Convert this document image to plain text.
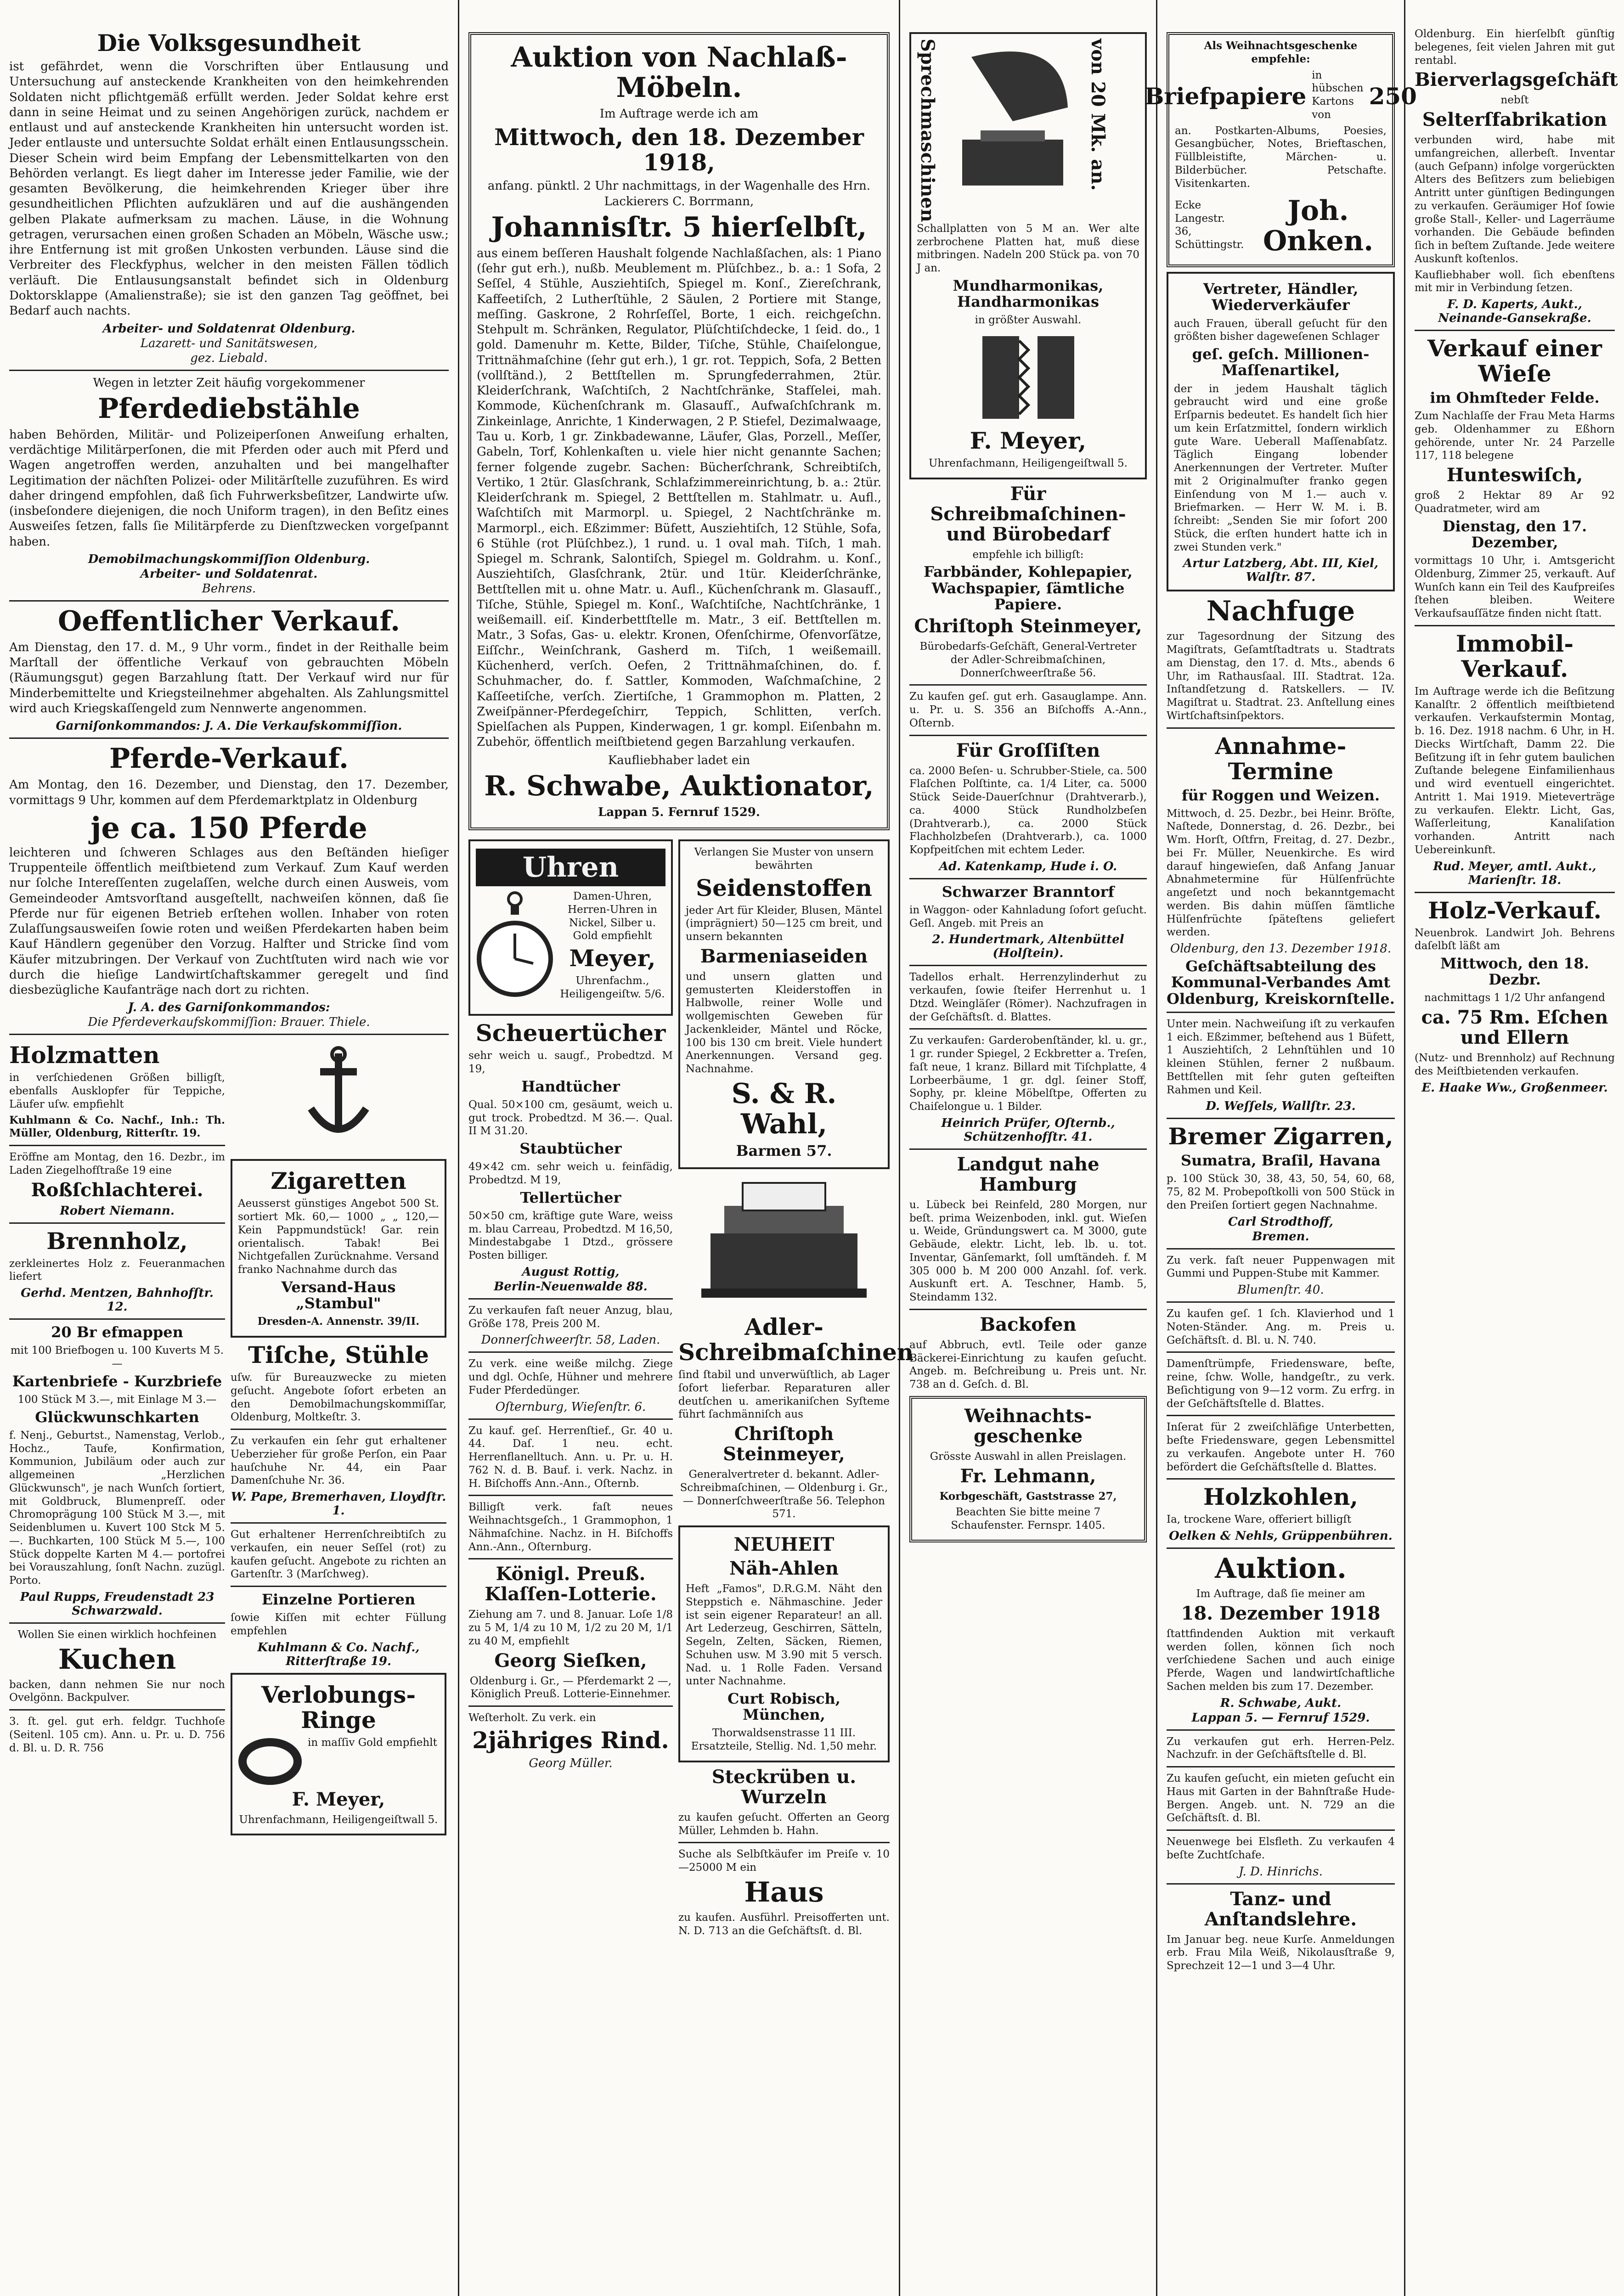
Die Volksgesundheit

ist gefährdet, wenn die Vorschriften über Entlausung und Untersuchung auf ansteckende Krankheiten von den heimkehrenden Soldaten nicht pflichtgemäß erfüllt werden. Jeder Soldat kehre erst dann in seine Heimat und zu seinen Angehörigen zurück, nachdem er entlaust und auf ansteckende Krankheiten hin untersucht worden ist. Jeder entlauste und untersuchte Soldat erhält einen Entlausungsschein. Dieser Schein wird beim Empfang der Lebensmittelkarten von den Behörden verlangt. Es liegt daher im Interesse jeder Familie, wie der gesamten Bevölkerung, die heimkehrenden Krieger über ihre gesundheitlichen Pflichten aufzuklären und auf die aushängenden gelben Plakate aufmerksam zu machen. Läuse, in die Wohnung getragen, verursachen einen großen Schaden an Möbeln, Wäsche usw.; ihre Entfernung ist mit großen Unkosten verbunden. Läuse sind die Verbreiter des Fleckfyphus, welcher in den meisten Fällen tödlich verläuft. Die Entlausungsanstalt befindet sich in Oldenburg Doktorsklappe (Amalienstraße); sie ist den ganzen Tag geöffnet, bei Bedarf auch nachts.

Arbeiter- und Soldatenrat Oldenburg.
Lazarett- und Sanitätswesen,
gez. Liebald.
Wegen in letzter Zeit häufig vorgekommener
Pferdediebstähle

haben Behörden, Militär- und Polizeiperſonen Anweiſung erhalten, verdächtige Militärperſonen, die mit Pferden oder auch mit Pferd und Wagen angetroffen werden, anzuhalten und bei mangelhafter Legitimation der nächſten Polizei- oder Militärſtelle zuzuführen. Es wird daher dringend empfohlen, daß ſich Fuhrwerksbeſitzer, Landwirte uſw. (insbeſondere diejenigen, die noch Uniform tragen), in den Beſitz eines Ausweiſes ſetzen, falls ſie Militärpferde zu Dienſtzwecken vorgeſpannt haben.

Demobilmachungskommiſſion Oldenburg.
Arbeiter- und Soldatenrat.
Behrens.
Oeffentlicher Verkauf.

Am Dienstag, den 17. d. M., 9 Uhr vorm., findet in der Reithalle beim Marſtall der öffentliche Verkauf von gebrauchten Möbeln (Räumungsgut) gegen Barzahlung ſtatt. Der Verkauf wird nur für Minderbemittelte und Kriegsteilnehmer abgehalten. Als Zahlungsmittel wird auch Kriegskaſſengeld zum Nennwerte angenommen.

Garniſonkommandos: J. A. Die Verkaufskommiſſion.
Pferde-Verkauf.

Am Montag, den 16. Dezember, und Dienstag, den 17. Dezember, vormittags 9 Uhr, kommen auf dem Pferdemarktplatz in Oldenburg

je ca. 150 Pferde

leichteren und ſchweren Schlages aus den Beſtänden hieſiger Truppenteile öffentlich meiſtbietend zum Verkauf. Zum Kauf werden nur ſolche Intereſſenten zugelaſſen, welche durch einen Ausweis, vom Gemeindeoder Amtsvorſtand ausgeſtellt, nachweiſen können, daß ſie Pferde nur für eigenen Betrieb erſtehen wollen. Inhaber von roten Zulaſſungsausweiſen ſowie roten und weißen Pferdekarten haben beim Kauf Händlern gegenüber den Vorzug. Halfter und Stricke ſind vom Käufer mitzubringen. Der Verkauf von Zuchtſtuten wird nach wie vor durch die hieſige Landwirtſchaftskammer geregelt und ſind diesbezügliche Kaufanträge nach dort zu richten.

J. A. des Garniſonkommandos:
Die Pferdeverkaufskommiſſion: Brauer. Thiele.
Holzmatten

in verſchiedenen Größen billigſt, ebenfalls Ausklopfer für Teppiche, Läufer uſw. empfiehlt

Kuhlmann & Co. Nachf., Inh.: Th. Müller, Oldenburg, Ritterſtr. 19.

Eröffne am Montag, den 16. Dezbr., im Laden Ziegelhofſtraße 19 eine

Roßſchlachterei.
Robert Niemann.
Brennholz,

zerkleinertes Holz z. Feueranmachen liefert

Gerhd. Mentzen, Bahnhofſtr. 12.
20 Br efmappen

mit 100 Briefbogen u. 100 Kuverts M 5.—

Kartenbriefe - Kurzbriefe

100 Stück M 3.—, mit Einlage M 3.—

Glückwunschkarten

f. Nenj., Geburtst., Namenstag, Verlob., Hochz., Taufe, Konfirmation, Kommunion, Jubiläum oder auch zur allgemeinen „Herzlichen Glückwunsch", je nach Wunſch ſortiert, mit Goldbruck, Blumenpreſſ. oder Chromoprägung 100 Stück M 3.—, mit Seidenblumen u. Kuvert 100 Stck M 5.—. Buchkarten, 100 Stück M 5.—, 100 Stück doppelte Karten M 4.— portofrei bei Vorauszahlung, ſonſt Nachn. zuzügl. Porto.

Paul Rupps, Freudenstadt 23 Schwarzwald.

Wollen Sie einen wirklich hochfeinen

Kuchen

backen, dann nehmen Sie nur noch Ovelgönn. Backpulver.

3. ſt. gel. gut erh. feldgr. Tuchhoſe (Seitenl. 105 cm). Ann. u. Pr. u. D. 756 d. Bl. u. D. R. 756

Zigaretten

Aeusserst günstiges Angebot 500 St. sortiert Mk. 60,— 1000 „ „ 120,— Kein Pappmundstück! Gar. rein orientalisch. Tabak! Bei Nichtgefallen Zurücknahme. Versand franko Nachnahme durch das

Versand-Haus „Stambul"
Dresden-A. Annenstr. 39/II.
Tiſche, Stühle

uſw. für Bureauzwecke zu mieten geſucht. Angebote ſofort erbeten an den Demobilmachungskommiſſar, Oldenburg, Moltkeſtr. 3.

Zu verkaufen ein ſehr gut erhaltener Ueberzieher für große Perſon, ein Paar hauſchuhe Nr. 44, ein Paar Damenſchuhe Nr. 36.

W. Pape, Bremerhaven, Lloydſtr. 1.

Gut erhaltener Herrenſchreibtiſch zu verkaufen, ein neuer Seſſel (rot) zu kaufen geſucht. Angebote zu richten an Gartenſtr. 3 (Marſchweg).

Einzelne Portieren

ſowie Kiſſen mit echter Füllung empfehlen

Kuhlmann & Co. Nachf., Ritterſtraße 19.
Verlobungs-Ringe

in maſſiv Gold empfiehlt

F. Meyer,
Uhrenfachmann, Heiligengeiſtwall 5.
Auktion von Nachlaß-Möbeln.
Im Auftrage werde ich am
Mittwoch, den 18. Dezember 1918,
anfang. pünktl. 2 Uhr nachmittags, in der Wagenhalle des Hrn. Lackierers C. Borrmann,
Johannisſtr. 5 hierſelbſt,

aus einem beſſeren Haushalt folgende Nachlaßſachen, als: 1 Piano (ſehr gut erh.), nußb. Meublement m. Plüſchbez., b. a.: 1 Sofa, 2 Seſſel, 4 Stühle, Ausziehtiſch, Spiegel m. Konſ., Ziereſchrank, Kaffeetiſch, 2 Lutherſtühle, 2 Säulen, 2 Portiere mit Stange, meſſing. Gaskrone, 2 Rohrſeſſel, Borte, 1 eich. reichgeſchn. Stehpult m. Schränken, Regulator, Plüſchtiſchdecke, 1 ſeid. do., 1 gold. Damenuhr m. Kette, Bilder, Tiſche, Stühle, Chaiſelongue, Trittnähmaſchine (ſehr gut erh.), 1 gr. rot. Teppich, Sofa, 2 Betten (vollſtänd.), 2 Bettſtellen m. Sprungfederrahmen, 2tür. Kleiderſchrank, Waſchtiſch, 2 Nachtſchränke, Stafſelei, mah. Kommode, Küchenſchrank m. Glasaufſ., Aufwaſchſchrank m. Zinkeinlage, Anrichte, 1 Kinderwagen, 2 P. Stiefel, Dezimalwaage, Tau u. Korb, 1 gr. Zinkbadewanne, Läufer, Glas, Porzell., Meſſer, Gabeln, Torf, Kohlenkaſten u. viele hier nicht genannte Sachen; ferner folgende zugebr. Sachen: Bücherſchrank, Schreibtiſch, Vertiko, 1 2tür. Glasſchrank, Schlafzimmereinrichtung, b. a.: 2tür. Kleiderſchrank m. Spiegel, 2 Bettſtellen m. Stahlmatr. u. Aufl., Waſchtiſch mit Marmorpl. u. Spiegel, 2 Nachtſchränke m. Marmorpl., eich. Eßzimmer: Büfett, Ausziehtiſch, 12 Stühle, Sofa, 6 Stühle (rot Plüſchbez.), 1 rund. u. 1 oval mah. Tiſch, 1 mah. Spiegel m. Schrank, Salontiſch, Spiegel m. Goldrahm. u. Konſ., Ausziehtiſch, Glasſchrank, 2tür. und 1tür. Kleiderſchränke, Bettſtellen mit u. ohne Matr. u. Aufl., Küchenſchrank m. Glasaufſ., Tiſche, Stühle, Spiegel m. Konſ., Waſchtiſche, Nachtſchränke, 1 weißemaill. eiſ. Kinderbettſtelle m. Matr., 3 eiſ. Bettſtellen m. Matr., 3 Sofas, Gas- u. elektr. Kronen, Ofenſchirme, Ofenvorſätze, Eiſſchr., Weinſchrank, Gasherd m. Tiſch, 1 weißemaill. Küchenherd, verſch. Oefen, 2 Trittnähmaſchinen, do. f. Schuhmacher, do. f. Sattler, Kommoden, Waſchmaſchine, 2 Kaſſeetiſche, verſch. Ziertiſche, 1 Grammophon m. Platten, 2 Zweiſpänner-Pferdegeſchirr, Teppich, Schlitten, verſch. Spielſachen als Puppen, Kinderwagen, 1 gr. kompl. Eiſenbahn m. Zubehör, öffentlich meiſtbietend gegen Barzahlung verkaufen.

Kaufliebhaber ladet ein
R. Schwabe, Auktionator,
Lappan 5. Fernruf 1529.
Uhren

Damen-Uhren, Herren-Uhren in Nickel, Silber u. Gold empfiehlt

Meyer,
Uhrenfachm., Heiligengeiſtw. 5/6.
Scheuertücher

sehr weich u. saugf., Probedtzd. M 19,

Handtücher

Qual. 50×100 cm, gesäumt, weich u. gut trock. Probedtzd. M 36.—. Qual. II M 31.20.

Staubtücher

49×42 cm. sehr weich u. feinfädig, Probedtzd. M 19,

Tellertücher

50×50 cm, kräftige gute Ware, weiss m. blau Carreau, Probedtzd. M 16,50, Mindestabgabe 1 Dtzd., grössere Posten billiger.

August Rottig,
Berlin-Neuenwalde 88.

Zu verkaufen faſt neuer Anzug, blau, Größe 178, Preis 200 M.

Donnerſchweerſtr. 58, Laden.

Zu verk. eine weiße milchg. Ziege und dgl. Ochſe, Hühner und mehrere Fuder Pferdedünger.

Oſternburg, Wieſenſtr. 6.

Zu kauf. geſ. Herrenſtief., Gr. 40 u. 44. Daſ. 1 neu. echt. Herrenflanelltuch. Ann. u. Pr. u. H. 762 N. d. B. Bauf. i. verk. Nachz. in H. Biſchoffs Ann.-Ann., Oſternb.

Billigſt verk. faſt neues Weihnachtsgeſch., 1 Grammophon, 1 Nähmaſchine. Nachz. in H. Biſchoffs Ann.-Ann., Oſternburg.

Königl. Preuß. Klaſſen-Lotterie.

Ziehung am 7. und 8. Januar. Loſe 1/8 zu 5 M, 1/4 zu 10 M, 1/2 zu 20 M, 1/1 zu 40 M, empfiehlt

Georg Sieſken,

Oldenburg i. Gr., — Pferdemarkt 2 —, Königlich Preuß. Lotterie-Einnehmer.

Weſterholt. Zu verk. ein
2jähriges Rind.
Georg Müller.

Verlangen Sie Muster von unsern bewährten

Seidenstoffen

jeder Art für Kleider, Blusen, Mäntel (imprägniert) 50—125 cm breit, und unsern bekannten

Barmeniaseiden

und unsern glatten und gemusterten Kleiderstoffen in Halbwolle, reiner Wolle und wollgemischten Geweben für Jackenkleider, Mäntel und Röcke, 100 bis 130 cm breit. Viele hundert Anerkennungen. Versand geg. Nachnahme.

S. & R. Wahl,
Barmen 57.
Adler-Schreibmaſchinen

ſind ſtabil und unverwüſtlich, ab Lager ſofort lieferbar. Reparaturen aller deutſchen u. amerikaniſchen Syſteme führt ſachmänniſch aus

Chriſtoph Steinmeyer,

Generalvertreter d. bekannt. Adler-Schreibmaſchinen, — Oldenburg i. Gr., — Donnerſchweerſtraße 56. Telephon 571.

NEUHEIT
Näh-Ahlen

Heft „Famos", D.R.G.M. Näht den Steppstich e. Nähmaschine. Jeder ist sein eigener Reparateur! an all. Art Lederzeug, Geschirren, Sätteln, Segeln, Zelten, Säcken, Riemen, Schuhen usw. M 3.90 mit 5 versch. Nad. u. 1 Rolle Faden. Versand unter Nachnahme.

Curt Robisch, München,
Thorwaldsenstrasse 11 III. Ersatzteile, Stellig. Nd. 1,50 mehr.
Steckrüben u. Wurzeln

zu kaufen geſucht. Offerten an Georg Müller, Lehmden b. Hahn.

Suche als Selbſtkäufer im Preiſe v. 10—25000 M ein

Haus

zu kaufen. Ausführl. Preisofferten unt. N. D. 713 an die Geſchäftsſt. d. Bl.

Sprechmaschinen	von 20 Mk. an.

Schallplatten von 5 M an. Wer alte zerbrochene Platten hat, muß diese mitbringen. Nadeln 200 Stück pa. von 70 J an.

Mundharmonikas, Handharmonikas
in größter Auswahl.
F. Meyer,
Uhrenfachmann, Heiligengeiſtwall 5.
Für Schreibmaſchinen- und Bürobedarf
empfehle ich billigſt:
Farbbänder, Kohlepapier, Wachspapier, ſämtliche Papiere.
Chriſtoph Steinmeyer,

Bürobedarfs-Geſchäft, General-Vertreter der Adler-Schreibmaſchinen, Donnerſchweerſtraße 56.

Zu kaufen geſ. gut erh. Gasauglampe. Ann. u. Pr. u. S. 356 an Biſchoffs A.-Ann., Oſternb.

Für Groſſiſten

ca. 2000 Beſen- u. Schrubber-Stiele, ca. 500 Flaſchen Polſtinte, ca. 1/4 Liter, ca. 5000 Stück Seide-Dauerſchnur (Drahtverarb.), ca. 4000 Stück Rundholzbeſen (Drahtverarb.), ca. 2000 Stück Flachholzbeſen (Drahtverarb.), ca. 1000 Kopfpeitſchen mit echtem Leder.

Ad. Katenkamp, Hude i. O.
Schwarzer Branntorf

in Waggon- oder Kahnladung ſofort geſucht. Geſl. Angeb. mit Preis an

2. Hundertmark, Altenbüttel (Holſtein).

Tadellos erhalt. Herrenzylinderhut zu verkaufen, ſowie ſteifer Herrenhut u. 1 Dtzd. Weingläſer (Römer). Nachzufragen in der Geſchäftsſt. d. Blattes.

Zu verkaufen: Garderobenſtänder, kl. u. gr., 1 gr. runder Spiegel, 2 Eckbretter a. Treſen, faſt neue, 1 kranz. Billard mit Tiſchplatte, 4 Lorbeerbäume, 1 gr. dgl. ſeiner Stoff, Sophy, pr. kleine Möbelſtpe, Offerten zu Chaiſelongue u. 1 Bilder.

Heinrich Prüfer, Oſternb., Schützenhofſtr. 41.
Landgut nahe Hamburg

u. Lübeck bei Reinfeld, 280 Morgen, nur beſt. prima Weizenboden, inkl. gut. Wieſen u. Weide, Gründungswert ca. M 3000, gute Gebäude, elektr. Licht, leb. lb. u. tot. Inventar, Gänſemarkt, ſoll umſtändeh. f. M 305 000 b. M 200 000 Anzahl. ſof. verk. Auskunft ert. A. Teschner, Hamb. 5, Steindamm 132.

Backofen

auf Abbruch, evtl. Teile oder ganze Bäckerei-Einrichtung zu kaufen geſucht. Angeb. m. Beſchreibung u. Preis unt. Nr. 738 an d. Geſch. d. Bl.

Weihnachts-geschenke
Grösste Auswahl in allen Preislagen.
Fr. Lehmann,
Korbgeschäft, Gaststrasse 27,
Beachten Sie bitte meine 7 Schaufenster. Fernspr. 1405.
Als Weihnachtsgeschenke empfehle:
Briefpapiere
in hübschen Kartons von
250

an. Postkarten-Albums, Poesies, Gesangbücher, Notes, Brieftaschen, Füllbleistifte, Märchen- u. Bilderbücher. Petschafte. Visitenkarten.

Ecke Langestr. 36, Schüttingstr.
Joh. Onken.
Vertreter, Händler, Wiederverkäufer

auch Frauen, überall geſucht für den größten bisher dageweſenen Schlager

geſ. geſch. Millionen-Maſſenartikel,

der in jedem Haushalt täglich gebraucht wird und eine große Erſparnis bedeutet. Es handelt ſich hier um kein Erſatzmittel, ſondern wirklich gute Ware. Ueberall Maſſenabſatz. Täglich Eingang lobender Anerkennungen der Vertreter. Muſter mit 2 Originalmuſter franko gegen Einſendung von M 1.— auch v. Briefmarken. — Herr W. M. i. B. ſchreibt: „Senden Sie mir ſofort 200 Stück, die erſten hundert hatte ich in zwei Stunden verk."

Artur Latzberg, Abt. III, Kiel, Walſtr. 87.
Nachfuge

zur Tagesordnung der Sitzung des Magiſtrats, Geſamtſtadtrats u. Stadtrats am Dienstag, den 17. d. Mts., abends 6 Uhr, im Rathausſaal. III. Stadtrat. 12a. Inſtandſetzung d. Ratskellers. — IV. Magiſtrat u. Stadtrat. 23. Anſtellung eines Wirtſchaftsinſpektors.

Annahme-Termine
für Roggen und Weizen.

Mittwoch, d. 25. Dezbr., bei Heinr. Bröſte, Naſtede, Donnerstag, d. 26. Dezbr., bei Wm. Horſt, Oſtfrn, Freitag, d. 27. Dezbr., bei Fr. Müller, Neuenkirche. Es wird darauf hingewieſen, daß Anfang Januar Abnahmetermine für Hülſenfrüchte angeſetzt und noch bekanntgemacht werden. Bis dahin müſſen ſämtliche Hülſenfrüchte ſpäteſtens geliefert werden.

Oldenburg, den 13. Dezember 1918.
Geſchäftsabteilung des Kommunal-Verbandes Amt Oldenburg, Kreiskornſtelle.

Unter mein. Nachweiſung iſt zu verkaufen 1 eich. Eßzimmer, beſtehend aus 1 Büfett, 1 Ausziehtiſch, 2 Lehnſtühlen und 10 kleinen Stühlen, ferner 2 nußbaum. Bettſtellen mit ſehr guten geſteiften Rahmen und Keil.

D. Weſſels, Wallſtr. 23.
Bremer Zigarren,
Sumatra, Braſil, Havana

p. 100 Stück 30, 38, 43, 50, 54, 60, 68, 75, 82 M. Probepoſtkolli von 500 Stück in den Preiſen ſortiert gegen Nachnahme.

Carl Strodthoff,
Bremen.

Zu verk. faſt neuer Puppenwagen mit Gummi und Puppen-Stube mit Kammer.

Blumenſtr. 40.

Zu kaufen geſ. 1 ſch. Klavierhod und 1 Noten-Ständer. Ang. m. Preis u. Geſchäftsſt. d. Bl. u. N. 740.

Damenſtrümpfe, Friedensware, beſte, reine, ſchw. Wolle, handgeſtr., zu verk. Beſichtigung von 9—12 vorm. Zu erfrg. in der Geſchäftsſtelle d. Blattes.

Inſerat für 2 zweiſchläfige Unterbetten, beſte Friedensware, gegen Lebensmittel zu verkaufen. Angebote unter H. 760 befördert die Geſchäftsſtelle d. Blattes.

Holzkohlen,

Ia, trockene Ware, offeriert billigſt

Oelken & Nehls, Grüppenbühren.
Auktion.
Im Auftrage, daß ſie meiner am
18. Dezember 1918

ſtattfindenden Auktion mit verkauft werden ſollen, können ſich noch verſchiedene Sachen und auch einige Pferde, Wagen und landwirtſchaftliche Sachen melden bis zum 17. Dezember.

R. Schwabe, Aukt.
Lappan 5. — Fernruf 1529.

Zu verkaufen gut erh. Herren-Pelz. Nachzufr. in der Geſchäftsſtelle d. Bl.

Zu kaufen geſucht, ein mieten geſucht ein Haus mit Garten in der Bahnſtraße Hude-Bergen. Angeb. unt. N. 729 an die Geſchäftsſt. d. Bl.

Neuenwege bei Elsfleth. Zu verkaufen 4 beſte Zuchtſchafe.

J. D. Hinrichs.
Tanz- und Anſtandslehre.

Im Januar beg. neue Kurſe. Anmeldungen erb. Frau Mila Weiß, Nikolausſtraße 9, Sprechzeit 12—1 und 3—4 Uhr.

Oldenburg. Ein hierſelbſt günſtig belegenes, ſeit vielen Jahren mit gut rentabl.

Bierverlagsgeſchäft
nebſt
Selterſfabrikation

verbunden wird, habe mit umfangreichen, allerbeſt. Inventar (auch Geſpann) infolge vorgerückten Alters des Beſitzers zum beliebigen Antritt unter günſtigen Bedingungen zu verkaufen. Geräumiger Hof ſowie große Stall-, Keller- und Lagerräume vorhanden. Die Gebäude befinden ſich in beſtem Zuſtande. Jede weitere Auskunft koſtenlos.

Kaufliebhaber woll. ſich ebenſtens mit mir in Verbindung ſetzen.

F. D. Kaperts, Aukt., Neinande-Gansekraße.
Verkauf einer Wieſe
im Ohmſteder Felde.

Zum Nachlaſſe der Frau Meta Harms geb. Oldenhammer zu Eßhorn gehörende, unter Nr. 24 Parzelle 117, 118 belegene

Hunteswiſch,

groß 2 Hektar 89 Ar 92 Quadratmeter, wird am

Dienstag, den 17. Dezember,

vormittags 10 Uhr, i. Amtsgericht Oldenburg, Zimmer 25, verkauft. Auf Wunſch kann ein Teil des Kaufpreiſes ſtehen bleiben. Weitere Verkaufsauſſätze finden nicht ſtatt.

Immobil-Verkauf.

Im Auftrage werde ich die Beſitzung Kanalſtr. 2 öffentlich meiſtbietend verkaufen. Verkaufstermin Montag, b. 16. Dez. 1918 nachm. 6 Uhr, in H. Diecks Wirtſchaft, Damm 22. Die Beſitzung iſt in ſehr gutem baulichen Zuſtande belegene Einfamilienhaus und wird eventuell eingerichtet. Antritt 1. Mai 1919. Mieteverträge zu verkaufen. Elektr. Licht, Gas, Waſſerleitung, Kanaliſation vorhanden. Antritt nach Uebereinkunft.

Rud. Meyer, amtl. Aukt., Marienſtr. 18.
Holz-Verkauf.

Neuenbrok. Landwirt Joh. Behrens daſelbſt läßt am

Mittwoch, den 18. Dezbr.
nachmittags 1 1/2 Uhr anfangend
ca. 75 Rm. Eſchen und Ellern

(Nutz- und Brennholz) auf Rechnung des Meiſtbietenden verkaufen.

E. Haake Ww., Großenmeer.
